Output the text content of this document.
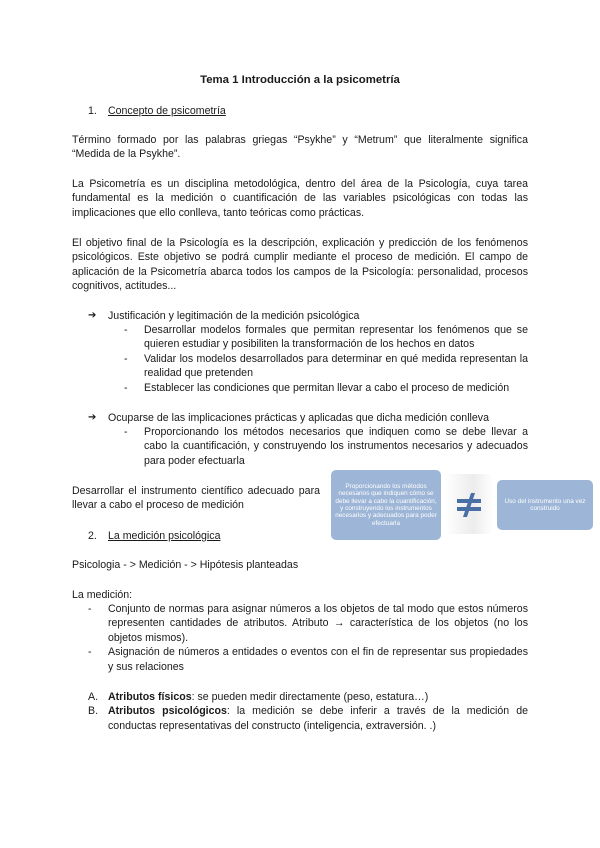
Tema 1 Introducción a la psicometría
1. Concepto de psicometría

Término formado por las palabras griegas “Psykhe” y “Metrum” que literalmente significa “Medida de la Psykhe”.

La Psicometría es un disciplina metodológica, dentro del área de la Psicología, cuya tarea fundamental es la medición o cuantificación de las variables psicológicas con todas las implicaciones que ello conlleva, tanto teóricas como prácticas.

El objetivo final de la Psicología es la descripción, explicación y predicción de los fenómenos psicológicos. Este objetivo se podrá cumplir mediante el proceso de medición. El campo de aplicación de la Psicometría abarca todos los campos de la Psicología: personalidad, procesos cognitivos, actitudes...

➔ Justificación y legitimación de la medición psicológica
- Desarrollar modelos formales que permitan representar los fenómenos que se quieren estudiar y posibiliten la transformación de los hechos en datos
- Validar los modelos desarrollados para determinar en qué medida representan la realidad que pretenden
- Establecer las condiciones que permitan llevar a cabo el proceso de medición
➔ Ocuparse de las implicaciones prácticas y aplicadas que dicha medición conlleva
- Proporcionando los métodos necesarios que indiquen como se debe llevar a cabo la cuantificación, y construyendo los instrumentos necesarios y adecuados para poder efectuarla

Desarrollar el instrumento científico adecuado para llevar a cabo el proceso de medición

Proporcionando los métodos necesarios que indiquen cómo se debe llevar a cabo la cuantificación, y construyendo los instrumentos necesarios y adecuados para poder efectuarla
Uso del instrumento una vez construido
2. La medición psicológica

Psicologia - > Medición - > Hipótesis planteadas

La medición:

- Conjunto de normas para asignar números a los objetos de tal modo que estos números representen cantidades de atributos. Atributo → característica de los objetos (no los objetos mismos).
- Asignación de números a entidades o eventos con el fin de representar sus propiedades y sus relaciones
A. Atributos físicos: se pueden medir directamente (peso, estatura…)
B. Atributos psicológicos: la medición se debe inferir a través de la medición de conductas representativas del constructo (inteligencia, extraversión. .)
